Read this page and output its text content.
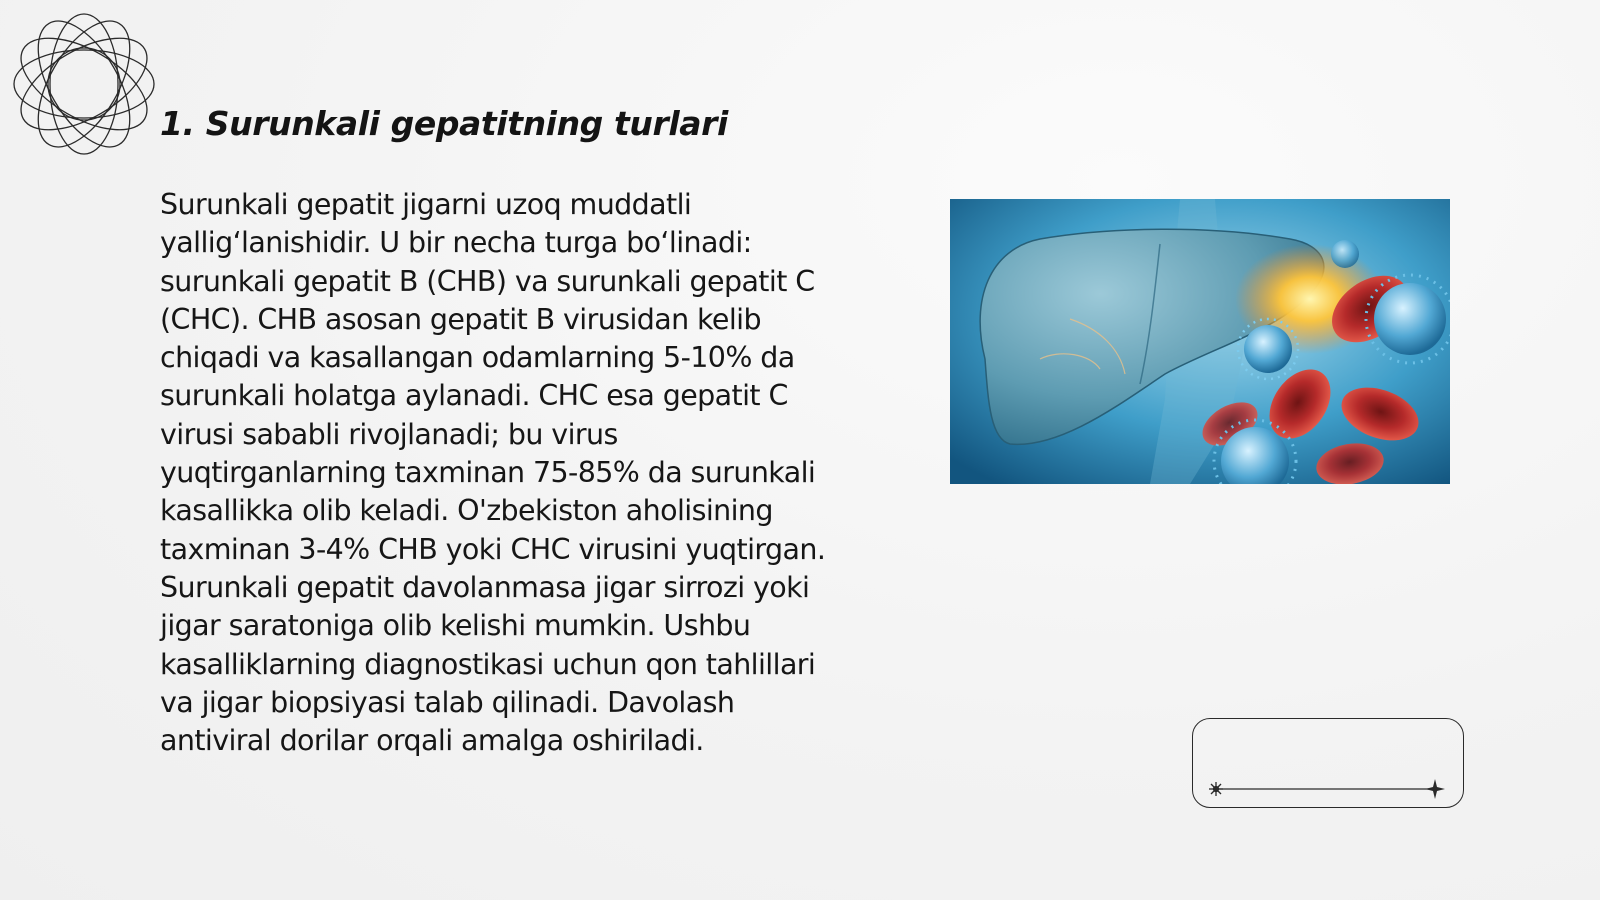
1. Surunkali gepatitning turlari

Surunkali gepatit jigarni uzoq muddatli yallig‘lanishidir. U bir necha turga bo‘linadi: surunkali gepatit B (CHB) va surunkali gepatit C (CHC). CHB asosan gepatit B virusidan kelib chiqadi va kasallangan odamlarning 5-10% da surunkali holatga aylanadi. CHC esa gepatit C virusi sababli rivojlanadi; bu virus yuqtirganlarning taxminan 75-85% da surunkali kasallikka olib keladi. O'zbekiston aholisining taxminan 3-4% CHB yoki CHC virusini yuqtirgan. Surunkali gepatit davolanmasa jigar sirrozi yoki jigar saratoniga olib kelishi mumkin. Ushbu kasalliklarning diagnostikasi uchun qon tahlillari va jigar biopsiyasi talab qilinadi. Davolash antiviral dorilar orqali amalga oshiriladi.
